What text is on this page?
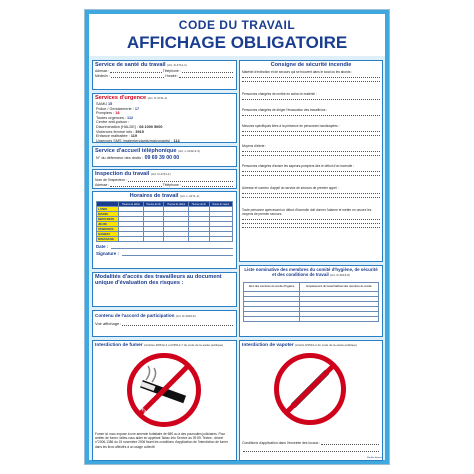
CODE DU TRAVAIL
AFFICHAGE OBLIGATOIRE
Service de santé du travail (Art. D.4711-1)
Adresse :	Téléphone :
Médecin :	Horaire :
Services d'urgence (Art. D.4711-1)
SAMU 15
Police / Gendarmerie : 17
Pompiers : 18
Toutes urgences : 112
Centre anti-poison :
Discrimination (HALDE) : 08 1000 5000
Violences femme info : 3919
Enfance maltraitée : 119
Urgences SMS (malentendants/malvoyants) : 114
Service d'accueil téléphonique (Art. L.1132-3-3)
N° du défenseur des droits : 09 69 39 00 00
Inspection du travail (Art. D.4711-1)
Nom de l'inspecteur :
Adresse :	Téléphone :
Horaires de travail (Art. L.3171-1)
	Heures de début	Heures de fin	Heures de début	Heures de fin	Durée du repos
LUNDI					
MARDI					
MERCREDI					
JEUDI					
VENDREDI					
SAMEDI					
DIMANCHE					
Date :
Signature :
Modalités d'accès des travailleurs au document unique d'évaluation des risques :
Contenu de l'accord de participation (Art. R.3323-6)
Voir affichage :
Interdiction de fumer (Articles R3512-2 et R3512-7 du code de la santé publique)
INTERDICTION DE FUMER DANS UN LIEU AFFEC
Fumer ici vous expose à une amende forfaitaire de 68€ ou à des poursuites judiciaires. Pour arrêter de fumer, faites-vous aider en appelant Tabac Info Service au 39 89. Textes : décret n°2006-1386 du 15 novembre 2006 fixant les conditions d'application de l'interdiction de fumer dans les lieux affectés à un usage collectif.
Consigne de sécurité incendie
Matériel d'extinction et de secours qui se trouvent dans le local ou les abords :
Personnes chargées de mettre en action le matériel :
Personnes chargées de diriger l'évacuation des travailleurs :
Mesures spécifiques liées à la présence de personnes handicapées :
Moyens d'alerte :
Personnes chargées d'aviser les sapeurs-pompiers dès le début d'un incendie :
Adresse et numéro d'appel du service de secours de premier appel :
Toute personne apercevant un début d'incendie doit donner l'alarme et mettre en oeuvre les moyens de premier secours.
Liste nominative des membres du comité d'hygiène, de sécurité et des conditions de travail (Art. R.4613-8)
Nom des membres du comité d'hygiène	Emplacement de travail habituel des membres du comité

Interdiction de vapoter (Article R3513-2 du code de la santé publique)
Conditions d'application dans l'enceinte des locaux :
Modèle déposé
